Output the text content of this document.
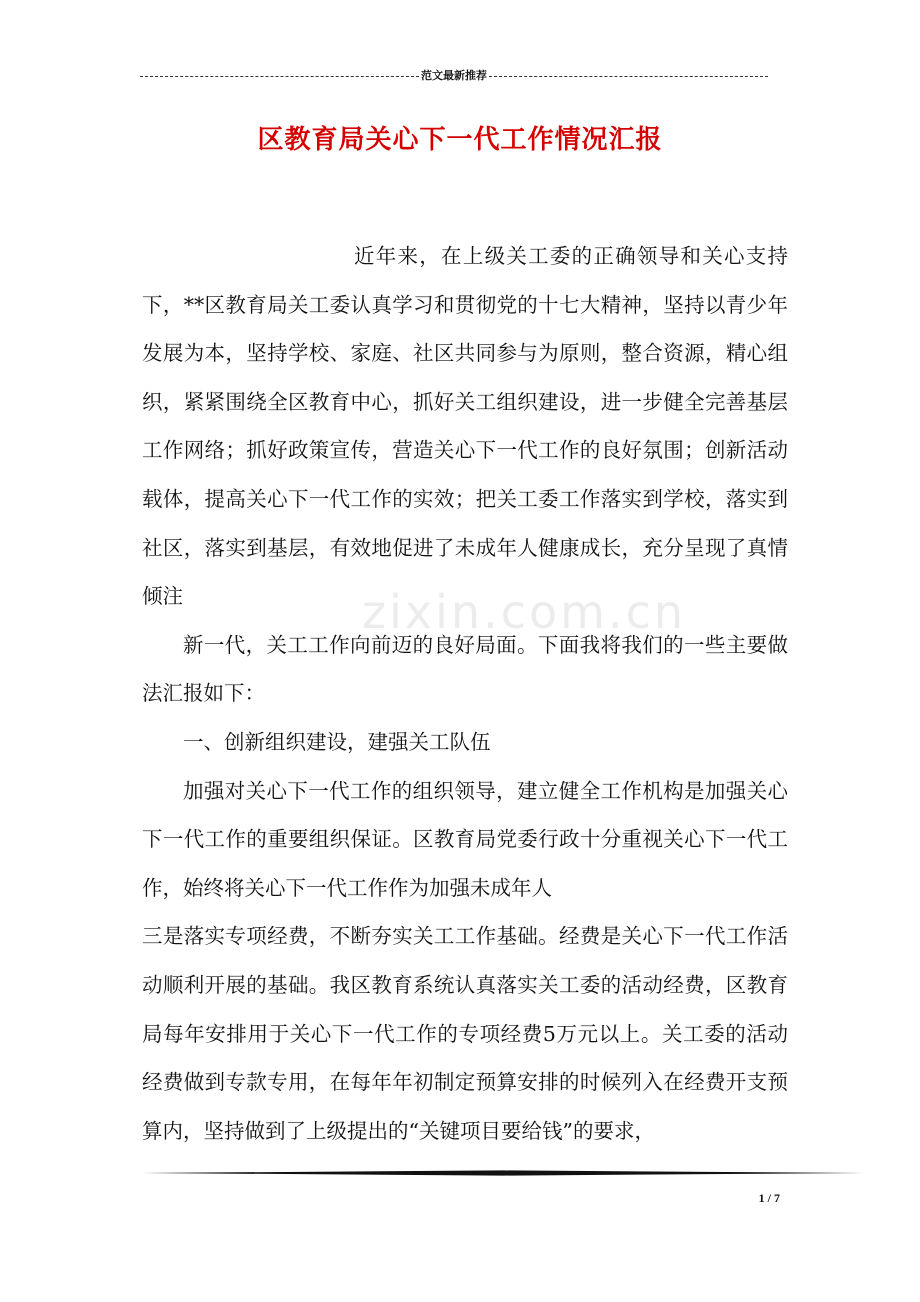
范文最新推荐
区教育局关心下一代工作情况汇报
zixin.com.cn

近年来，在上级关工委的正确领导和关心支持下，**区教育局关工委认真学习和贯彻党的十七大精神，坚持以青少年发展为本，坚持学校、家庭、社区共同参与为原则，整合资源，精心组织，紧紧围绕全区教育中心，抓好关工组织建设，进一步健全完善基层工作网络；抓好政策宣传，营造关心下一代工作的良好氛围；创新活动载体，提高关心下一代工作的实效；把关工委工作落实到学校，落实到社区，落实到基层，有效地促进了未成年人健康成长，充分呈现了真情倾注

新一代，关工工作向前迈的良好局面。下面我将我们的一些主要做法汇报如下：

一、创新组织建设，建强关工队伍

加强对关心下一代工作的组织领导，建立健全工作机构是加强关心下一代工作的重要组织保证。区教育局党委行政十分重视关心下一代工作，始终将关心下一代工作作为加强未成年人

三是落实专项经费，不断夯实关工工作基础。经费是关心下一代工作活动顺利开展的基础。我区教育系统认真落实关工委的活动经费，区教育局每年安排用于关心下一代工作的专项经费5万元以上。关工委的活动经费做到专款专用，在每年年初制定预算安排的时候列入在经费开支预算内，坚持做到了上级提出的“关键项目要给钱”的要求，

1 / 7
